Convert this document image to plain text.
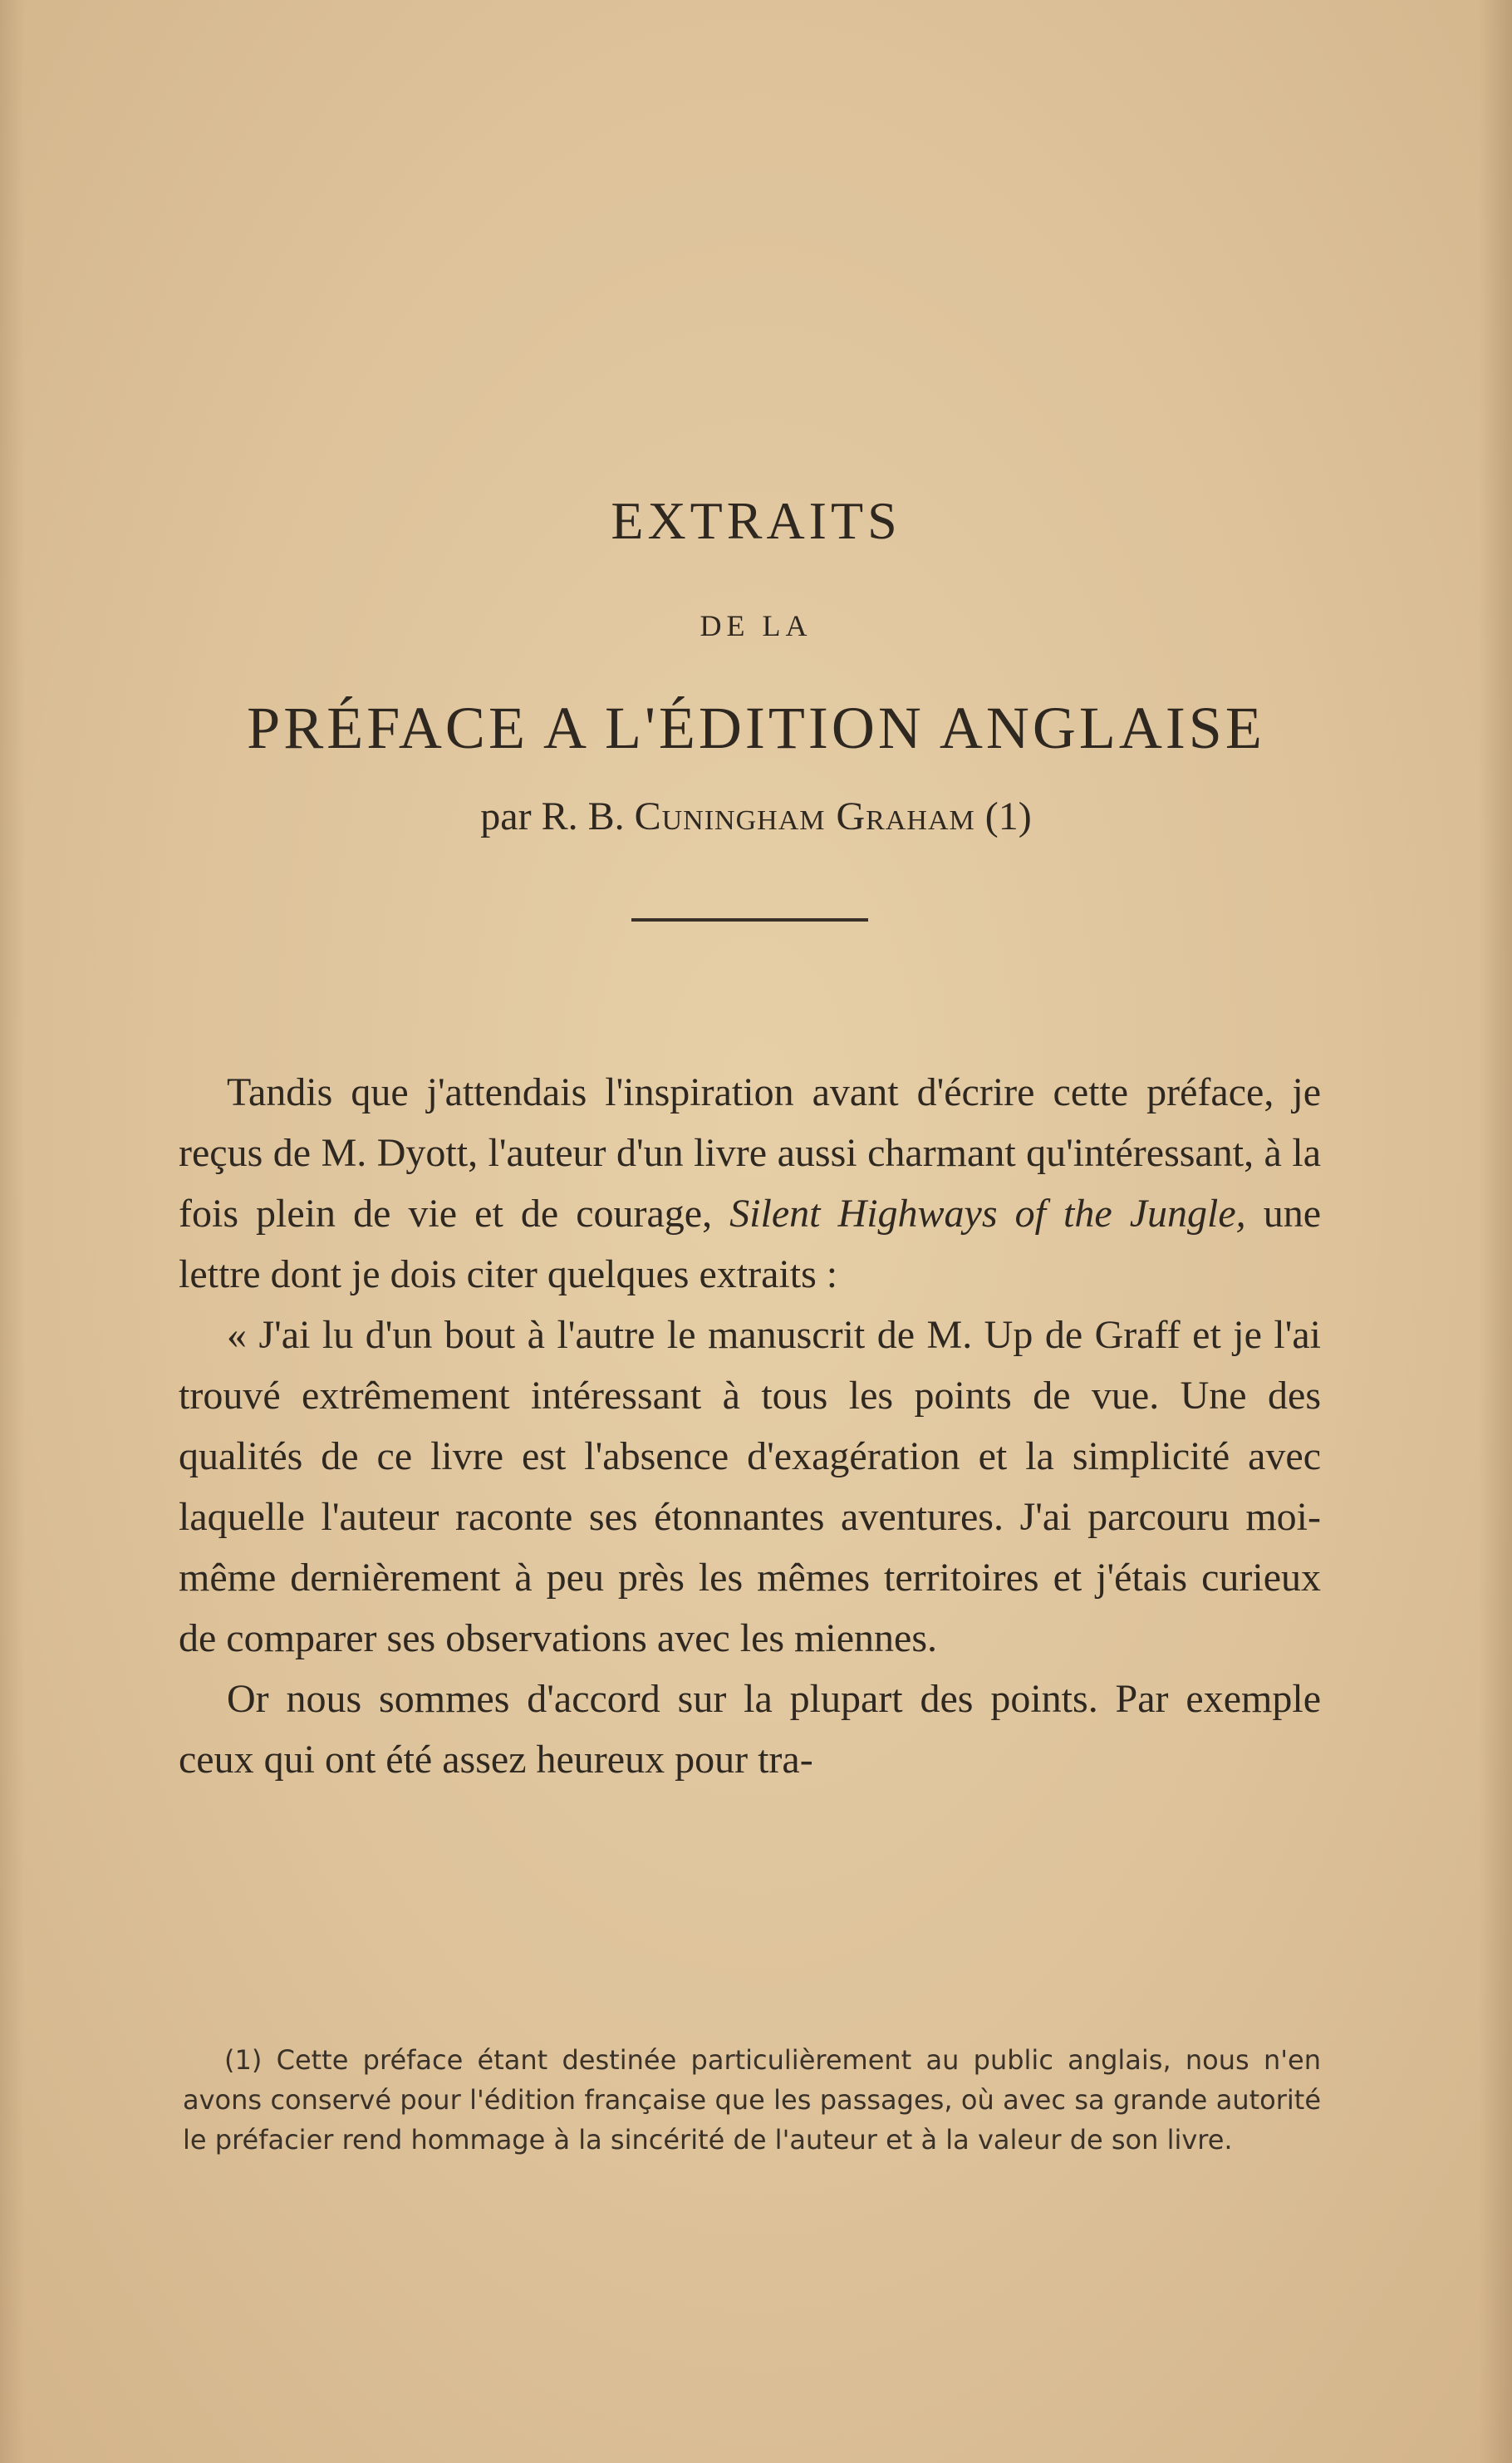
EXTRAITS
DE LA
PRÉFACE A L'ÉDITION ANGLAISE
par R. B. Cuningham Graham (1)

Tandis que j'attendais l'inspiration avant d'écrire cette préface, je reçus de M. Dyott, l'auteur d'un livre aussi charmant qu'intéressant, à la fois plein de vie et de courage, Silent Highways of the Jungle, une lettre dont je dois citer quelques extraits :

« J'ai lu d'un bout à l'autre le manuscrit de M. Up de Graff et je l'ai trouvé extrêmement intéressant à tous les points de vue. Une des qualités de ce livre est l'absence d'exagération et la simplicité avec laquelle l'auteur raconte ses étonnantes aventures. J'ai parcouru moi-même dernièrement à peu près les mêmes territoires et j'étais curieux de comparer ses observations avec les miennes.

Or nous sommes d'accord sur la plupart des points. Par exemple ceux qui ont été assez heureux pour tra-

(1) Cette préface étant destinée particulièrement au public anglais, nous n'en avons conservé pour l'édition française que les passages, où avec sa grande autorité le préfacier rend hommage à la sincérité de l'auteur et à la valeur de son livre.
